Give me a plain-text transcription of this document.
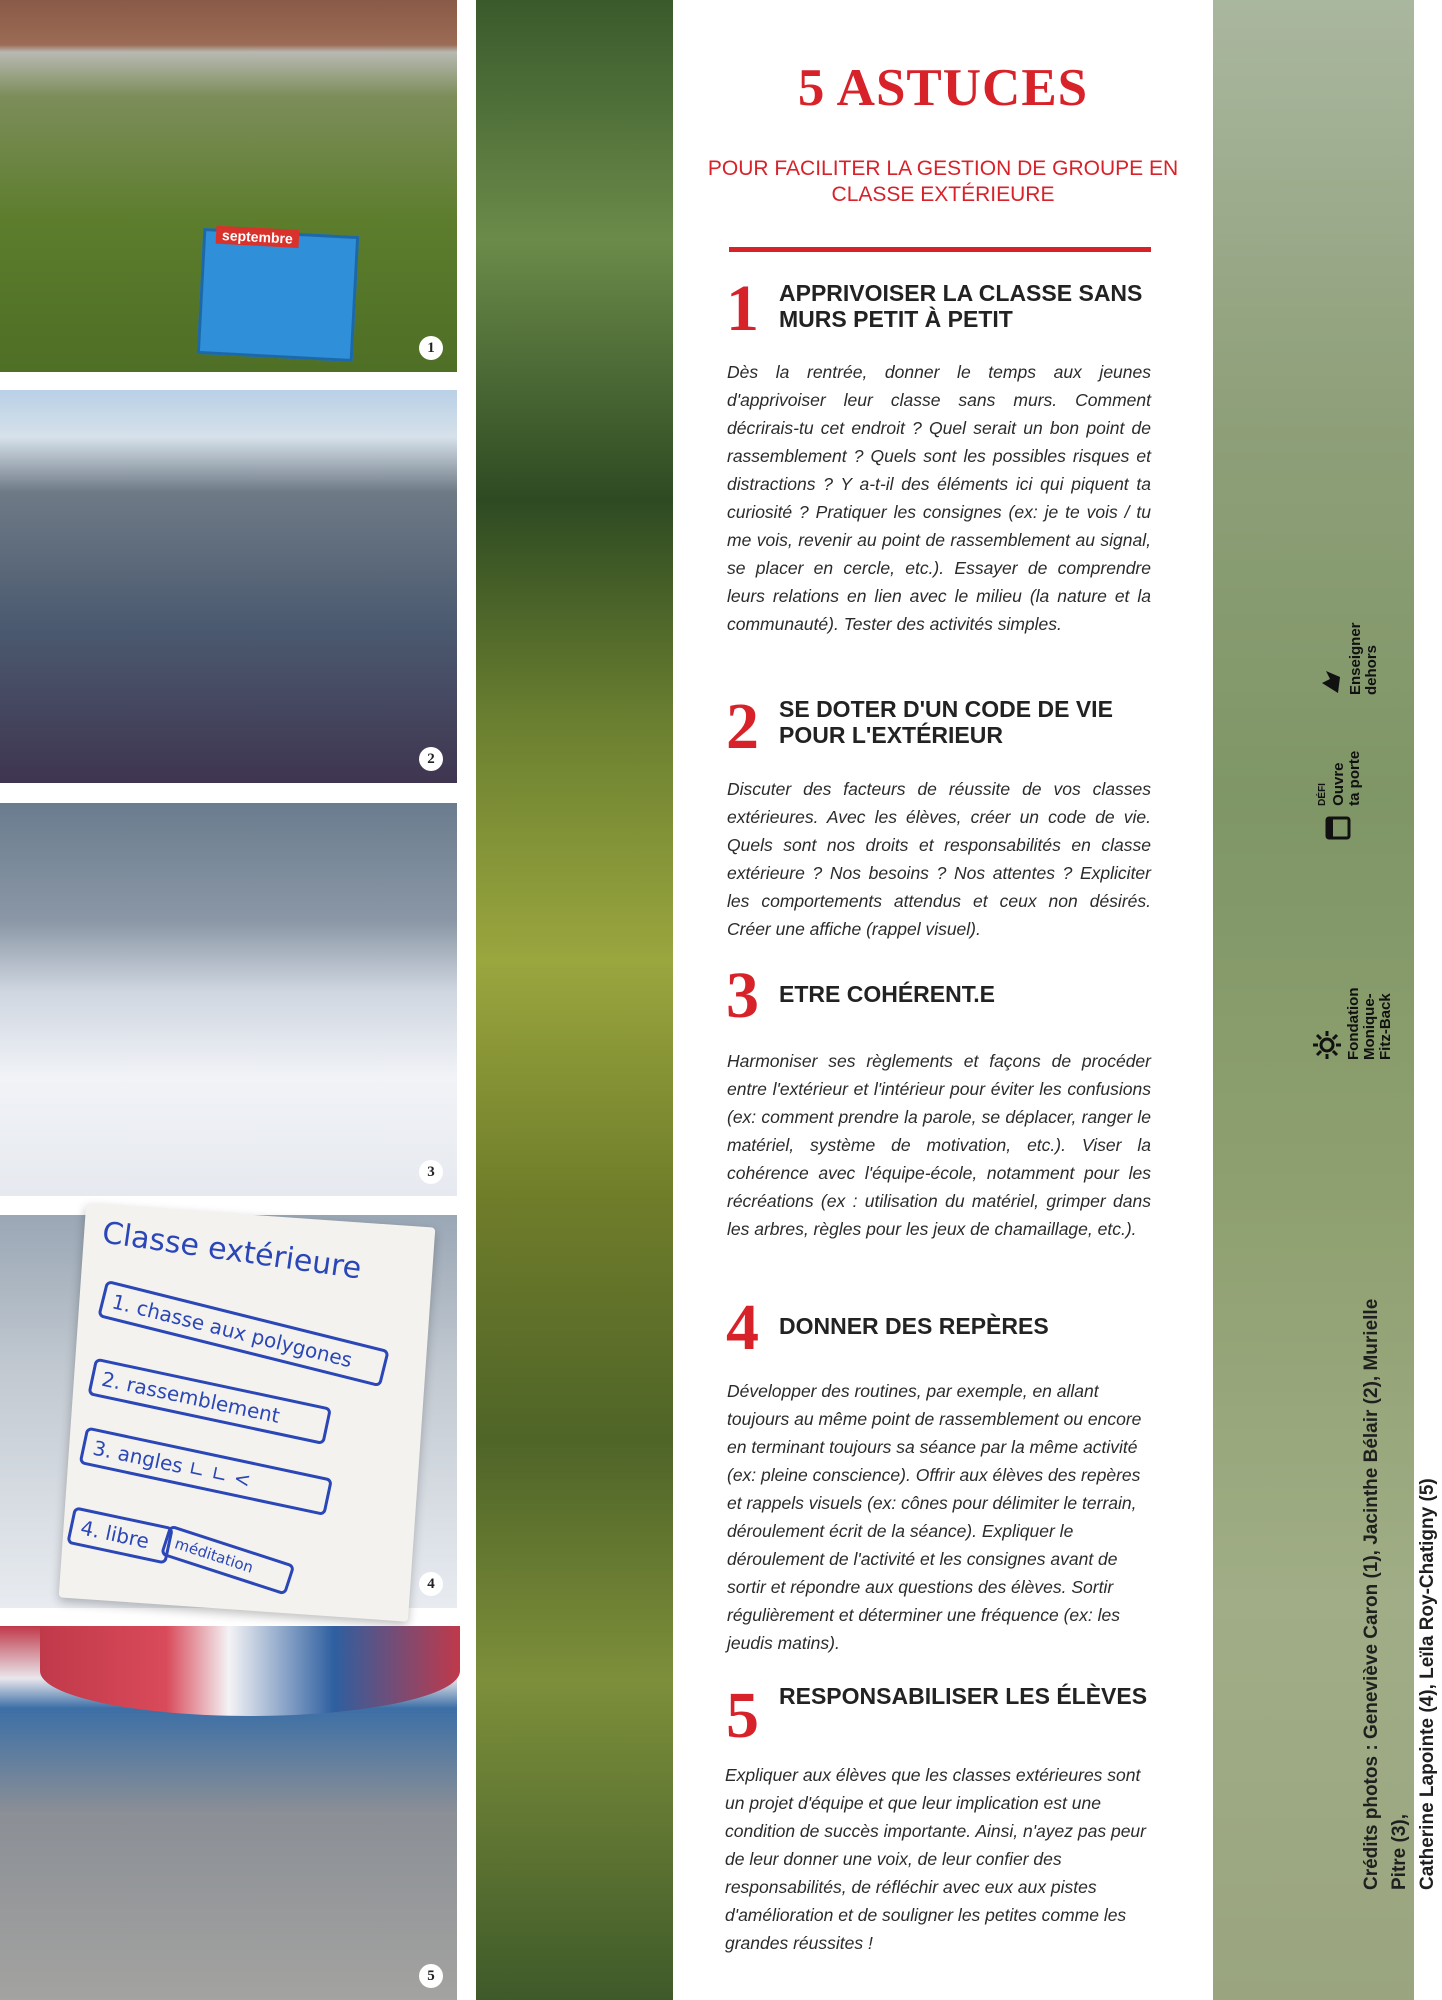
septembre
1
2
3
Classe extérieure
1. chasse aux polygones
2. rassemblement
3. angles ∟ ∟ <
4. libre
méditation
4
5
5 ASTUCES
POUR FACILITER LA GESTION DE GROUPE EN CLASSE EXTÉRIEURE
1 APPRIVOISER LA CLASSE SANS MURS PETIT À PETIT
Dès la rentrée, donner le temps aux jeunes d'apprivoiser leur classe sans murs. Comment décrirais-tu cet endroit ? Quel serait un bon point de rassemblement ? Quels sont les possibles risques et distractions ? Y a-t-il des éléments ici qui piquent ta curiosité ? Pratiquer les consignes (ex: je te vois / tu me vois, revenir au point de rassemblement au signal, se placer en cercle, etc.). Essayer de comprendre leurs relations en lien avec le milieu (la nature et la communauté). Tester des activités simples.
2 SE DOTER D'UN CODE DE VIE POUR L'EXTÉRIEUR
Discuter des facteurs de réussite de vos classes extérieures. Avec les élèves, créer un code de vie. Quels sont nos droits et responsabilités en classe extérieure ? Nos besoins ? Nos attentes ? Expliciter les comportements attendus et ceux non désirés. Créer une affiche (rappel visuel).
3 ETRE COHÉRENT.E
Harmoniser ses règlements et façons de procéder entre l'extérieur et l'intérieur pour éviter les confusions (ex: comment prendre la parole, se déplacer, ranger le matériel, système de motivation, etc.). Viser la cohérence avec l'équipe-école, notamment pour les récréations (ex : utilisation du matériel, grimper dans les arbres, règles pour les jeux de chamaillage, etc.).
4 DONNER DES REPÈRES
Développer des routines, par exemple, en allant toujours au même point de rassemblement ou encore en terminant toujours sa séance par la même activité (ex: pleine conscience). Offrir aux élèves des repères et rappels visuels (ex: cônes pour délimiter le terrain, déroulement écrit de la séance). Expliquer le déroulement de l'activité et les consignes avant de sortir et répondre aux questions des élèves. Sortir régulièrement et déterminer une fréquence (ex: les jeudis matins).
5 RESPONSABILISER LES ÉLÈVES
Expliquer aux élèves que les classes extérieures sont un projet d'équipe et que leur implication est une condition de succès importante. Ainsi, n'ayez pas peur de leur donner une voix, de leur confier des responsabilités, de réfléchir avec eux aux pistes d'amélioration et de souligner les petites comme les grandes réussites !

Enseigner dehors

DÉFI Ouvre ta porte

Fondation Monique- Fitz-Back
Crédits photos : Geneviève Caron (1), Jacinthe Bélair (2), Murielle Pitre (3), Catherine Lapointe (4), Leïla Roy-Chatigny (5)
